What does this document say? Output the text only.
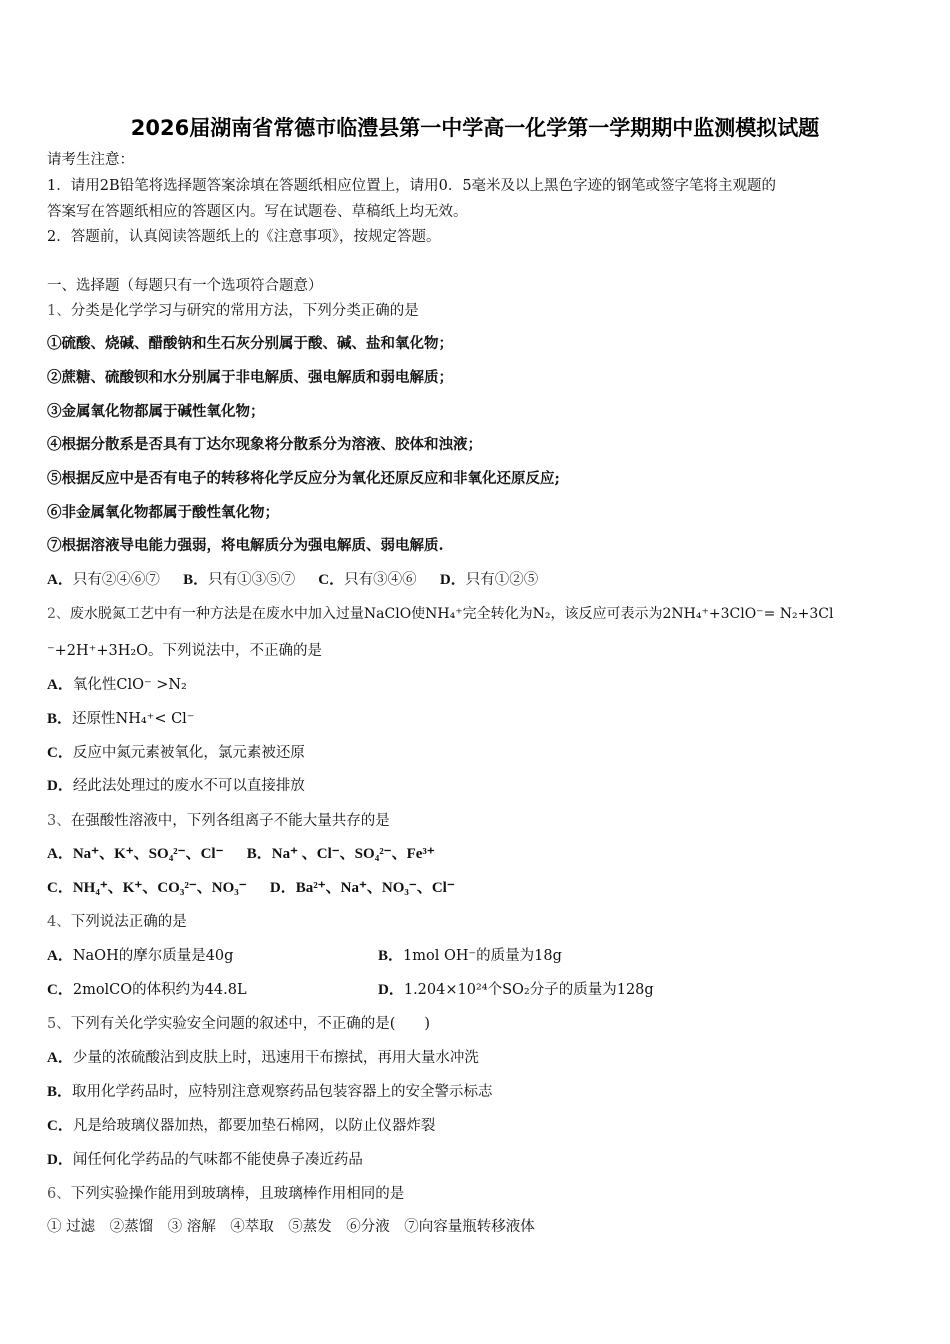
2026届湖南省常德市临澧县第一中学高一化学第一学期期中监测模拟试题
请考生注意：
1．请用2B铅笔将选择题答案涂填在答题纸相应位置上，请用0．5毫米及以上黑色字迹的钢笔或签字笔将主观题的
答案写在答题纸相应的答题区内。写在试题卷、草稿纸上均无效。
2．答题前，认真阅读答题纸上的《注意事项》，按规定答题。
一、选择题（每题只有一个选项符合题意）
1、分类是化学学习与研究的常用方法，下列分类正确的是
①硫酸、烧碱、醋酸钠和生石灰分别属于酸、碱、盐和氧化物；
②蔗糖、硫酸钡和水分别属于非电解质、强电解质和弱电解质；
③金属氧化物都属于碱性氧化物；
④根据分散系是否具有丁达尔现象将分散系分为溶液、胶体和浊液；
⑤根据反应中是否有电子的转移将化学反应分为氧化还原反应和非氧化还原反应;
⑥非金属氧化物都属于酸性氧化物；
⑦根据溶液导电能力强弱，将电解质分为强电解质、弱电解质.
A．只有②④⑥⑦ B．只有①③⑤⑦ C．只有③④⑥ D．只有①②⑤
2、废水脱氮工艺中有一种方法是在废水中加入过量NaClO使NH₄⁺完全转化为N₂，该反应可表示为2NH₄⁺+3ClO⁻= N₂+3Cl
⁻+2H⁺+3H₂O。下列说法中，不正确的是
A．氧化性ClO⁻ >N₂
B．还原性NH₄⁺< Cl⁻
C．反应中氮元素被氧化，氯元素被还原
D．经此法处理过的废水不可以直接排放
3、在强酸性溶液中，下列各组离子不能大量共存的是
A．Na⁺、K⁺、SO₄²⁻、Cl⁻ B．Na⁺ 、Cl⁻、SO₄²⁻、Fe³⁺
C．NH₄⁺、K⁺、CO₃²⁻、NO₃⁻ D．Ba²⁺、Na⁺、NO₃⁻、Cl⁻
4、下列说法正确的是
A．NaOH的摩尔质量是40g	B．1mol OH⁻的质量为18g
C．2molCO的体积约为44.8L	D．1.204×10²⁴个SO₂分子的质量为128g
5、下列有关化学实验安全问题的叙述中，不正确的是(　　)
A．少量的浓硫酸沾到皮肤上时，迅速用干布擦拭，再用大量水冲洗
B．取用化学药品时，应特别注意观察药品包装容器上的安全警示标志
C．凡是给玻璃仪器加热，都要加垫石棉网，以防止仪器炸裂
D．闻任何化学药品的气味都不能使鼻子凑近药品
6、下列实验操作能用到玻璃棒，且玻璃棒作用相同的是
① 过滤　②蒸馏　③ 溶解　④萃取　⑤蒸发　⑥分液　⑦向容量瓶转移液体
